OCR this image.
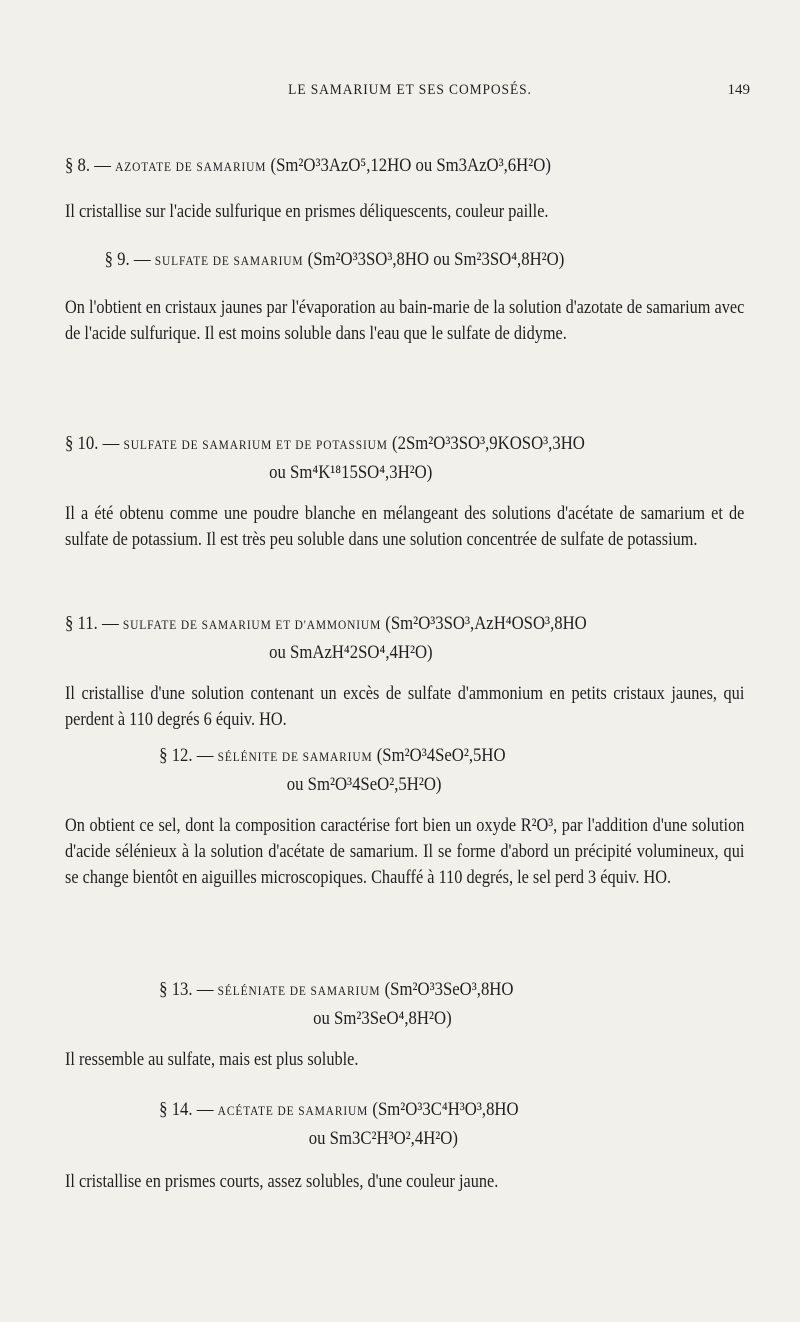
LE SAMARIUM ET SES COMPOSÉS.	149
§ 8. — AZOTATE DE SAMARIUM (Sm²O³3AzO⁵,12HO ou Sm3AzO³,6H²O)

Il cristallise sur l'acide sulfurique en prismes déliquescents, couleur paille.

§ 9. — SULFATE DE SAMARIUM (Sm²O³3SO³,8HO ou Sm²3SO⁴,8H²O)

On l'obtient en cristaux jaunes par l'évaporation au bain-marie de la solution d'azotate de samarium avec de l'acide sulfurique. Il est moins soluble dans l'eau que le sulfate de didyme.

§ 10. — SULFATE DE SAMARIUM ET DE POTASSIUM (2Sm²O³3SO³,9KOSO³,3HO
ou Sm⁴K¹⁸15SO⁴,3H²O)

Il a été obtenu comme une poudre blanche en mélangeant des solutions d'acétate de samarium et de sulfate de potassium. Il est très peu soluble dans une solution concentrée de sulfate de potassium.

§ 11. — SULFATE DE SAMARIUM ET D'AMMONIUM (Sm²O³3SO³,AzH⁴OSO³,8HO
ou SmAzH⁴2SO⁴,4H²O)

Il cristallise d'une solution contenant un excès de sulfate d'ammonium en petits cristaux jaunes, qui perdent à 110 degrés 6 équiv. HO.

§ 12. — SÉLÉNITE DE SAMARIUM (Sm²O³4SeO²,5HO
ou Sm²O³4SeO²,5H²O)

On obtient ce sel, dont la composition caractérise fort bien un oxyde R²O³, par l'addition d'une solution d'acide sélénieux à la solution d'acétate de samarium. Il se forme d'abord un précipité volumineux, qui se change bientôt en aiguilles microscopiques. Chauffé à 110 degrés, le sel perd 3 équiv. HO.

§ 13. — SÉLÉNIATE DE SAMARIUM (Sm²O³3SeO³,8HO
ou Sm²3SeO⁴,8H²O)

Il ressemble au sulfate, mais est plus soluble.

§ 14. — ACÉTATE DE SAMARIUM (Sm²O³3C⁴H³O³,8HO
ou Sm3C²H³O²,4H²O)

Il cristallise en prismes courts, assez solubles, d'une couleur jaune.
